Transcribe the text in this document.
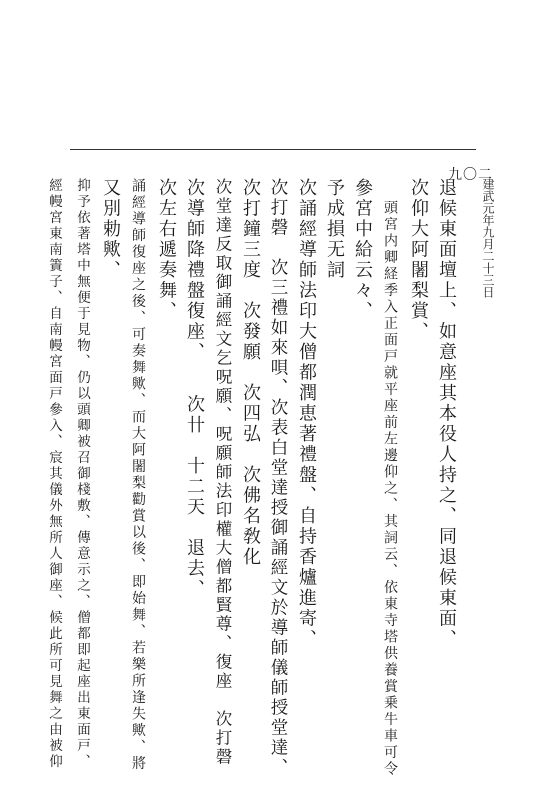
九〇二
建武元年九月二十三日
退候東面壇上、如意座其本役人持之、同退候東面、
次仰大阿闍梨賞、
頭宮内卿経季入正面戸就平座前左邊仰之、其詞云、依東寺塔供養賞乗牛車可令
參宮中給云々、
予成損无詞
次誦經導師法印大僧都潤恵著禮盤、自持香爐進寄、
次打磬　次三禮如來唄、次表白堂達授御誦經文於導師儀師授堂達、
次打鐘三度　次發願　次四弘　次佛名敎化
次堂達反取御誦經文乞呪願、呪願師法印權大僧都賢尊、復座　次打磬
次導師降禮盤復座、　　次卄　十二天　退去、
次左右遞奏舞、
誦經導師復座之後、可奏舞歟、而大阿闍梨勸賞以後、即始舞、若樂所逢失歟、將
又別勅歟、
抑予依著塔中無便于見物、仍以頭卿被召御棧敷、傳意示之、僧都即起座出東面戸、
經幔宮東南簀子、自南幔宮面戸參入、宸其儀外無所人御座、候此所可見舞之由被仰
